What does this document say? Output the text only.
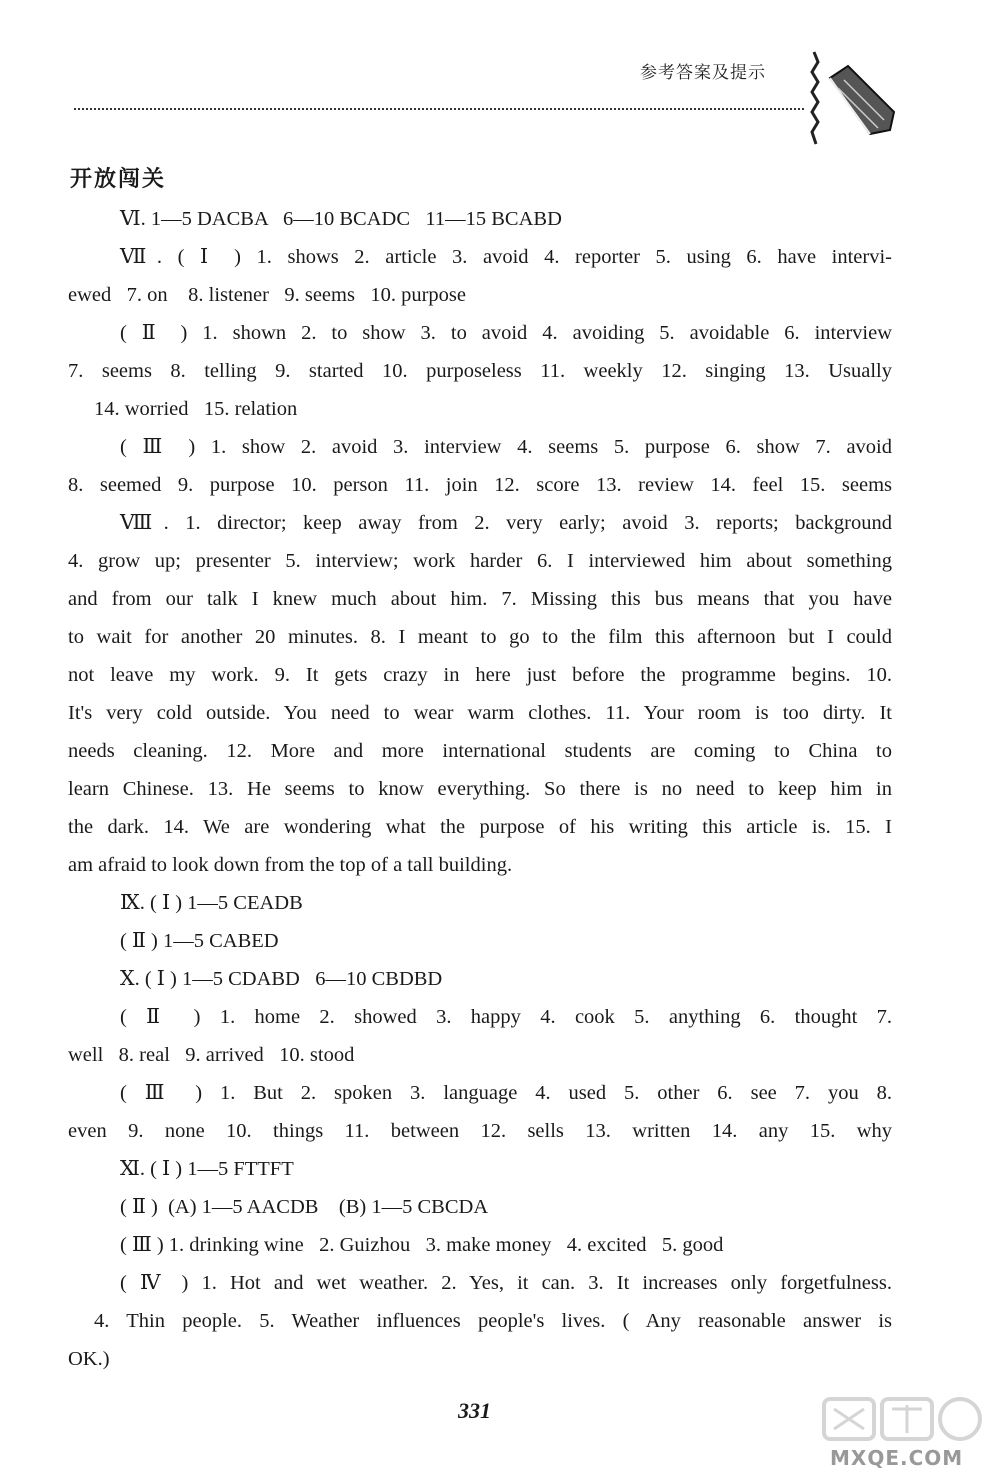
参考答案及提示
开放闯关
Ⅵ. 1—5 DACBA   6—10 BCADC   11—15 BCABD
Ⅶ. ( Ⅰ ) 1. shows 2. article 3. avoid 4. reporter 5. using 6. have intervi-
ewed   7. on    8. listener   9. seems   10. purpose
( Ⅱ ) 1. shown 2. to show 3. to avoid 4. avoiding 5. avoidable 6. interview
7. seems 8. telling 9. started 10. purposeless 11. weekly 12. singing 13. Usually
14. worried   15. relation
( Ⅲ ) 1. show 2. avoid 3. interview 4. seems 5. purpose 6. show 7. avoid
8. seemed 9. purpose 10. person 11. join 12. score 13. review 14. feel 15. seems
Ⅷ. 1. director; keep away from 2. very early; avoid 3. reports; background
4. grow up; presenter 5. interview; work harder 6. I interviewed him about something
and from our talk I knew much about him. 7. Missing this bus means that you have
to wait for another 20 minutes. 8. I meant to go to the film this afternoon but I could
not leave my work. 9. It gets crazy in here just before the programme begins. 10.
It's very cold outside. You need to wear warm clothes. 11. Your room is too dirty. It
needs cleaning. 12. More and more international students are coming to China to
learn Chinese. 13. He seems to know everything. So there is no need to keep him in
the dark. 14. We are wondering what the purpose of his writing this article is. 15. I
am afraid to look down from the top of a tall building.
Ⅸ. ( Ⅰ ) 1—5 CEADB
( Ⅱ ) 1—5 CABED
Ⅹ. ( Ⅰ ) 1—5 CDABD   6—10 CBDBD
( Ⅱ ) 1. home 2. showed 3. happy 4. cook 5. anything 6. thought 7.
well   8. real   9. arrived   10. stood
( Ⅲ ) 1. But 2. spoken 3. language 4. used 5. other 6. see 7. you 8.
even 9. none 10. things 11. between 12. sells 13. written 14. any 15. why
Ⅺ. ( Ⅰ ) 1—5 FTTFT
( Ⅱ )  (A) 1—5 AACDB    (B) 1—5 CBCDA
( Ⅲ ) 1. drinking wine   2. Guizhou   3. make money   4. excited   5. good
( Ⅳ ) 1. Hot and wet weather. 2. Yes, it can. 3. It increases only forgetfulness.
4. Thin people. 5. Weather influences people's lives. ( Any reasonable answer is
OK.)
331
MXQE.COM
